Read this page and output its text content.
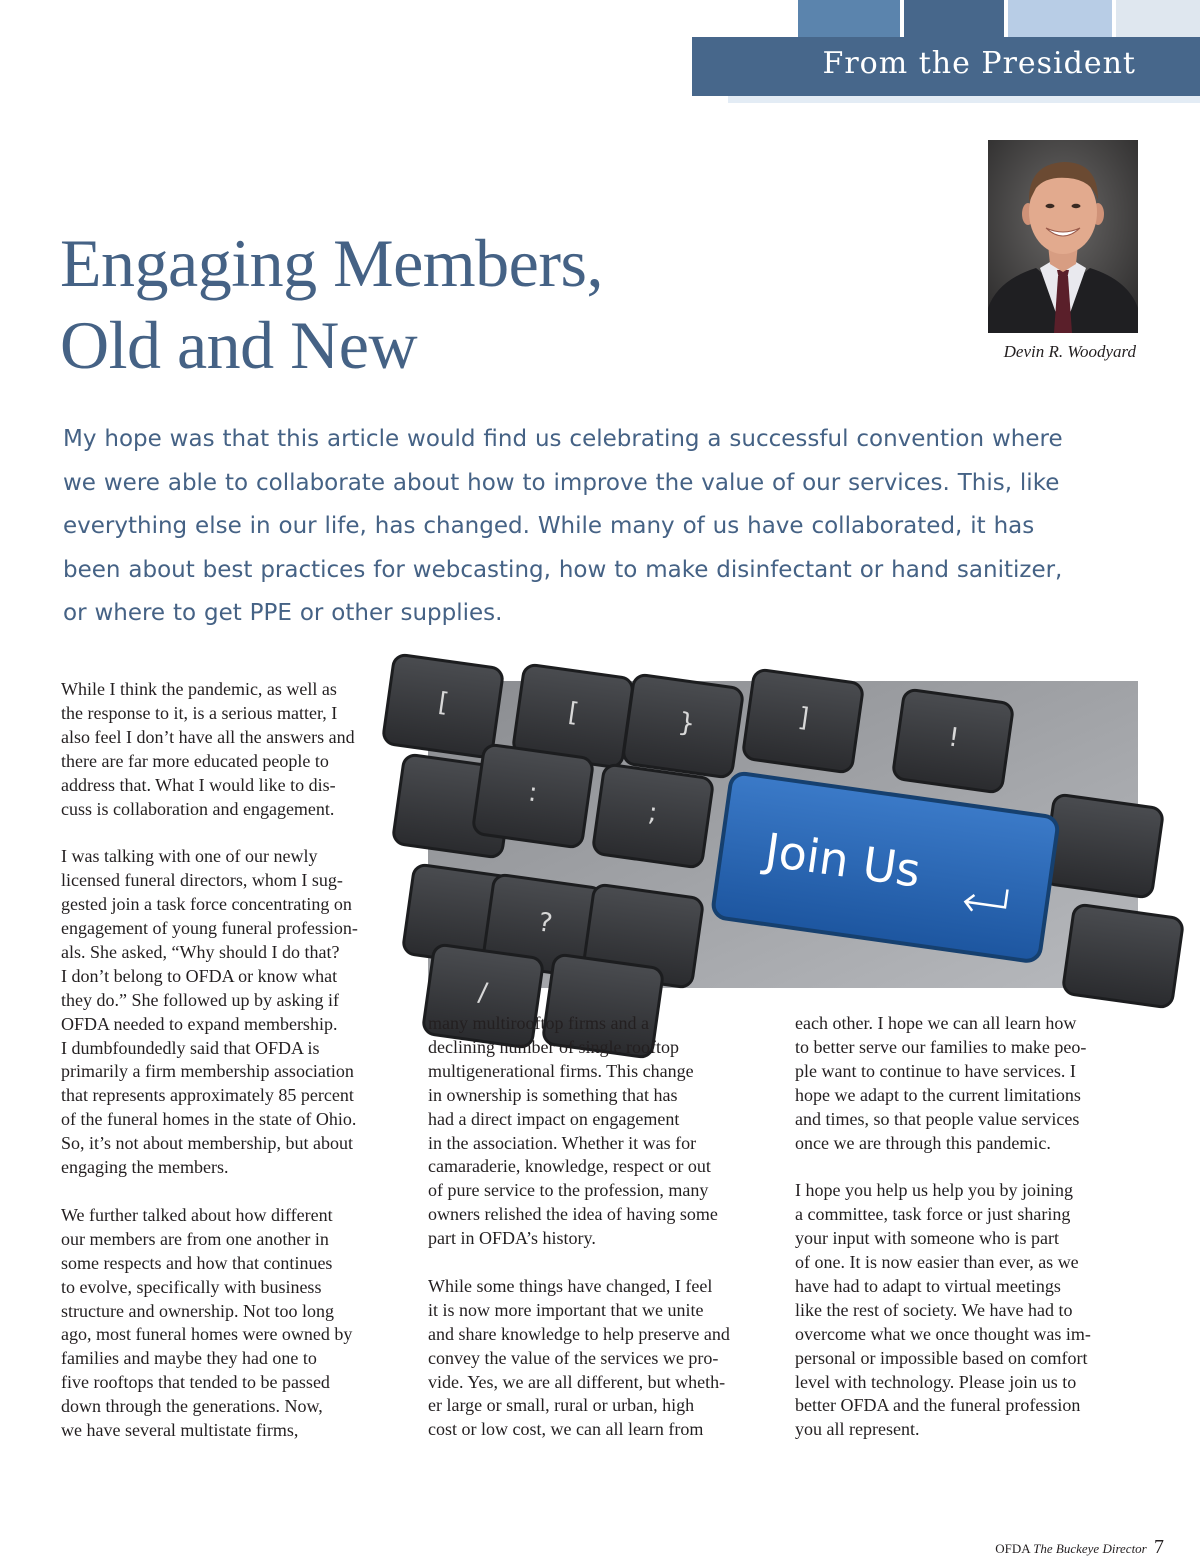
From the President
Engaging Members,
Old and New	Devin R. Woodyard

My hope was that this article would find us celebrating a successful convention where
we were able to collaborate about how to improve the value of our services. This, like
everything else in our life, has changed. While many of us have collaborated, it has
been about best practices for webcasting, how to make disinfectant or hand sanitizer,
or where to get PPE or other supplies.

While I think the pandemic, as well as
the response to it, is a serious matter, I
also feel I don’t have all the answers and
there are far more educated people to
address that. What I would like to dis-
cuss is collaboration and engagement.
I was talking with one of our newly
licensed funeral directors, whom I sug-
gested join a task force concentrating on
engagement of young funeral profession-
als. She asked, “Why should I do that?
I don’t belong to OFDA or know what
they do.” She followed up by asking if
OFDA needed to expand membership.
I dumbfoundedly said that OFDA is
primarily a firm membership association
that represents approximately 85 percent
of the funeral homes in the state of Ohio.
So, it’s not about membership, but about
engaging the members.
We further talked about how different
our members are from one another in
some respects and how that continues
to evolve, specifically with business
structure and ownership. Not too long
ago, most funeral homes were owned by
families and maybe they had one to
five rooftops that tended to be passed
down through the generations. Now,
we have several multistate firms,
[	[	}	]
!
:
;
?
/
Join Us
many multirooftop firms and a
declining number of single rooftop
multigenerational firms. This change
in ownership is something that has
had a direct impact on engagement
in the association. Whether it was for
camaraderie, knowledge, respect or out
of pure service to the profession, many
owners relished the idea of having some
part in OFDA’s history.
While some things have changed, I feel
it is now more important that we unite
and share knowledge to help preserve and
convey the value of the services we pro-
vide. Yes, we are all different, but wheth-
er large or small, rural or urban, high
cost or low cost, we can all learn from
each other. I hope we can all learn how
to better serve our families to make peo-
ple want to continue to have services. I
hope we adapt to the current limitations
and times, so that people value services
once we are through this pandemic.
I hope you help us help you by joining
a committee, task force or just sharing
your input with someone who is part
of one. It is now easier than ever, as we
have had to adapt to virtual meetings
like the rest of society. We have had to
overcome what we once thought was im-
personal or impossible based on comfort
level with technology. Please join us to
better OFDA and the funeral profession
you all represent.
OFDA The Buckeye Director 7
